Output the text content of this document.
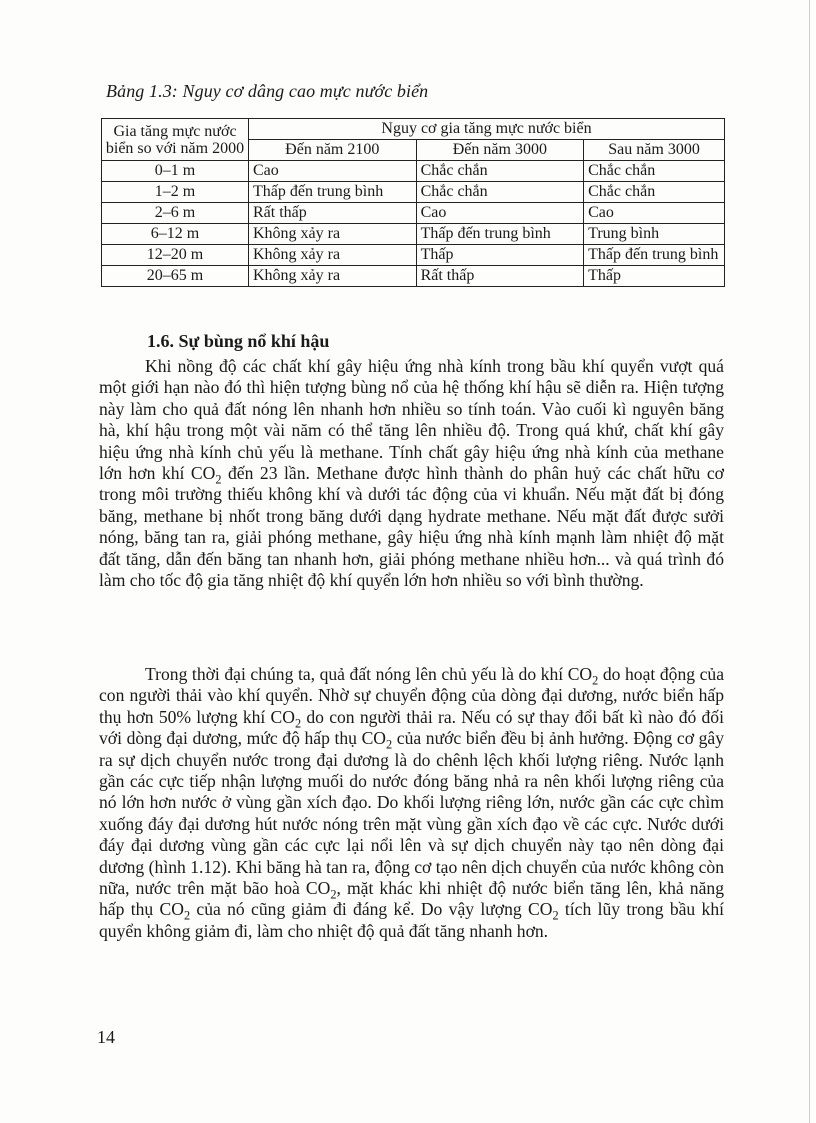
Bảng 1.3: Nguy cơ dâng cao mực nước biển
Gia tăng mực nước biển so với năm 2000	Nguy cơ gia tăng mực nước biển		
	Đến năm 2100	Đến năm 3000	Sau năm 3000
0–1 m	Cao	Chắc chắn	Chắc chắn
1–2 m	Thấp đến trung bình	Chắc chắn	Chắc chắn
2–6 m	Rất thấp	Cao	Cao
6–12 m	Không xảy ra	Thấp đến trung bình	Trung bình
12–20 m	Không xảy ra	Thấp	Thấp đến trung bình
20–65 m	Không xảy ra	Rất thấp	Thấp
1.6. Sự bùng nổ khí hậu

Khi nồng độ các chất khí gây hiệu ứng nhà kính trong bầu khí quyển vượt quá một giới hạn nào đó thì hiện tượng bùng nổ của hệ thống khí hậu sẽ diễn ra. Hiện tượng này làm cho quả đất nóng lên nhanh hơn nhiều so tính toán. Vào cuối kì nguyên băng hà, khí hậu trong một vài năm có thể tăng lên nhiều độ. Trong quá khứ, chất khí gây hiệu ứng nhà kính chủ yếu là methane. Tính chất gây hiệu ứng nhà kính của methane lớn hơn khí $CO_2$ đến 23 lần. Methane được hình thành do phân huỷ các chất hữu cơ trong môi trường thiếu không khí và dưới tác động của vi khuẩn. Nếu mặt đất bị đóng băng, methane bị nhốt trong băng dưới dạng hydrate methane. Nếu mặt đất được sưởi nóng, băng tan ra, giải phóng methane, gây hiệu ứng nhà kính mạnh làm nhiệt độ mặt đất tăng, dẫn đến băng tan nhanh hơn, giải phóng methane nhiều hơn... và quá trình đó làm cho tốc độ gia tăng nhiệt độ khí quyển lớn hơn nhiều so với bình thường.

Trong thời đại chúng ta, quả đất nóng lên chủ yếu là do khí $CO_2$ do hoạt động của con người thải vào khí quyển. Nhờ sự chuyển động của dòng đại dương, nước biển hấp thụ hơn 50% lượng khí $CO_2$ do con người thải ra. Nếu có sự thay đổi bất kì nào đó đối với dòng đại dương, mức độ hấp thụ $CO_2$ của nước biển đều bị ảnh hưởng. Động cơ gây ra sự dịch chuyển nước trong đại dương là do chênh lệch khối lượng riêng. Nước lạnh gần các cực tiếp nhận lượng muối do nước đóng băng nhả ra nên khối lượng riêng của nó lớn hơn nước ở vùng gần xích đạo. Do khối lượng riêng lớn, nước gần các cực chìm xuống đáy đại dương hút nước nóng trên mặt vùng gần xích đạo về các cực. Nước dưới đáy đại dương vùng gần các cực lại nổi lên và sự dịch chuyển này tạo nên dòng đại dương (hình 1.12). Khi băng hà tan ra, động cơ tạo nên dịch chuyển của nước không còn nữa, nước trên mặt bão hoà $CO_2$, mặt khác khi nhiệt độ nước biển tăng lên, khả năng hấp thụ $CO_2$ của nó cũng giảm đi đáng kể. Do vậy lượng $CO_2$ tích lũy trong bầu khí quyển không giảm đi, làm cho nhiệt độ quả đất tăng nhanh hơn.

14
